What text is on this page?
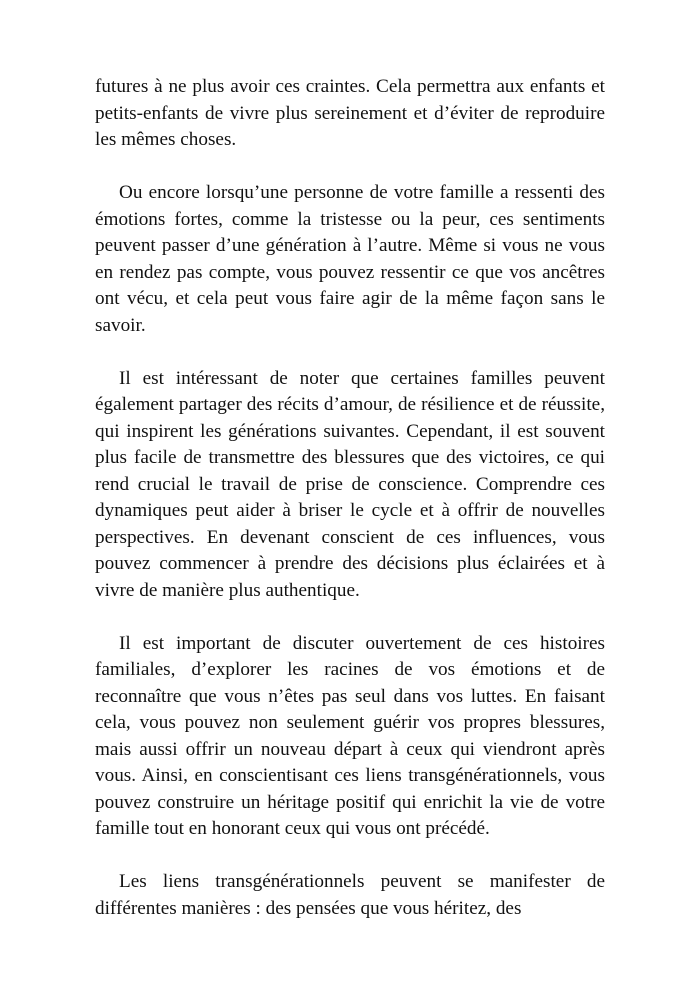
futures à ne plus avoir ces craintes. Cela permettra aux enfants et petits-enfants de vivre plus sereinement et d’éviter de reproduire les mêmes choses.

Ou encore lorsqu’une personne de votre famille a ressenti des émotions fortes, comme la tristesse ou la peur, ces sentiments peuvent passer d’une génération à l’autre. Même si vous ne vous en rendez pas compte, vous pouvez ressentir ce que vos ancêtres ont vécu, et cela peut vous faire agir de la même façon sans le savoir.

Il est intéressant de noter que certaines familles peuvent également partager des récits d’amour, de résilience et de réussite, qui inspirent les générations suivantes. Cependant, il est souvent plus facile de transmettre des blessures que des victoires, ce qui rend crucial le travail de prise de conscience. Comprendre ces dynamiques peut aider à briser le cycle et à offrir de nouvelles perspectives. En devenant conscient de ces influences, vous pouvez commencer à prendre des décisions plus éclairées et à vivre de manière plus authentique.

Il est important de discuter ouvertement de ces histoires familiales, d’explorer les racines de vos émotions et de reconnaître que vous n’êtes pas seul dans vos luttes. En faisant cela, vous pouvez non seulement guérir vos propres blessures, mais aussi offrir un nouveau départ à ceux qui viendront après vous. Ainsi, en conscientisant ces liens transgénérationnels, vous pouvez construire un héritage positif qui enrichit la vie de votre famille tout en honorant ceux qui vous ont précédé.

Les liens transgénérationnels peuvent se manifester de différentes manières : des pensées que vous héritez, des
